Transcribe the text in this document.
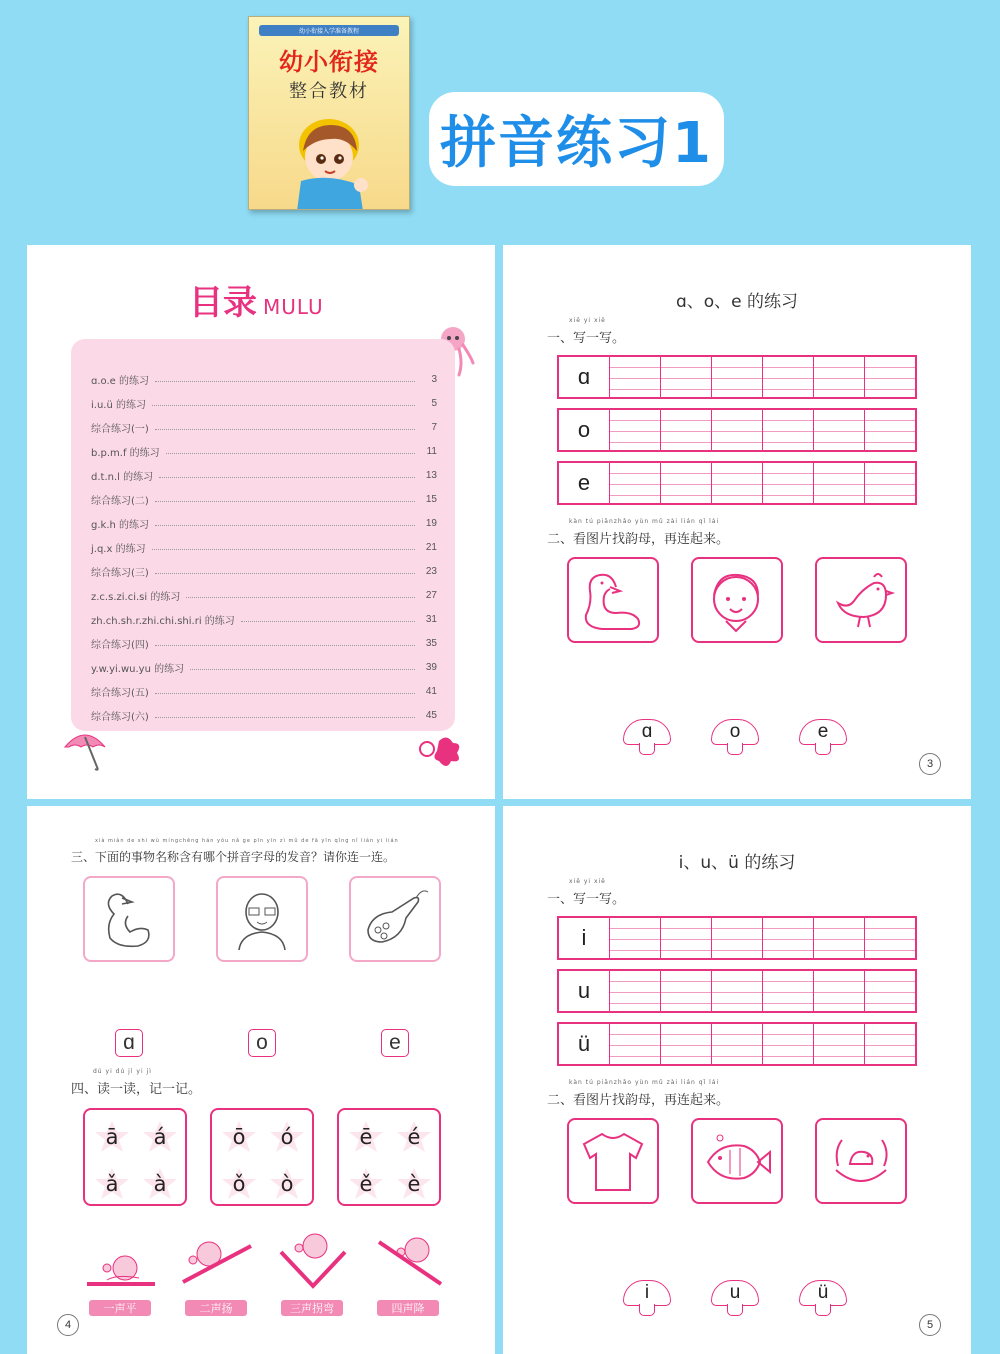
幼小衔接入学准备教程
幼小衔接
整合教材
拼音练习1
目录 MULU
ɑ.o.e 的练习	3
i.u.ü 的练习	5
综合练习(一)	7
b.p.m.f 的练习	11
d.t.n.l 的练习	13
综合练习(二)	15
g.k.h 的练习	19
j.q.x 的练习	21
综合练习(三)	23
z.c.s.zi.ci.si 的练习	27
zh.ch.sh.r.zhi.chi.shi.ri 的练习	31
综合练习(四)	35
y.w.yi.wu.yu 的练习	39
综合练习(五)	41
综合练习(六)	45
ɑ、o、e 的练习
xiě yi xiě
一、写一写。
ɑ
o
e
kàn tú piānzhǎo yùn mǔ zài lián qǐ lái
二、看图片找韵母，再连起来。
ɑ	o	e
3
xià miàn de shì wù míngchēng hán yǒu nǎ ge pīn yīn zì mǔ de fā yīn qǐng nǐ lián yi lián
三、下面的事物名称含有哪个拼音字母的发音？请你连一连。
ɑ	o	e
dú yi dú jì yi jì
四、读一读，记一记。
ā á
ǎ à
ō ó
ǒ ò
ē é
ě è
一声平	二声扬	三声拐弯	四声降
4
i、u、ü 的练习
xiě yi xiě
一、写一写。
i
u
ü
kàn tú piānzhǎo yùn mǔ zài lián qǐ lái
二、看图片找韵母，再连起来。
i	u	ü
5
